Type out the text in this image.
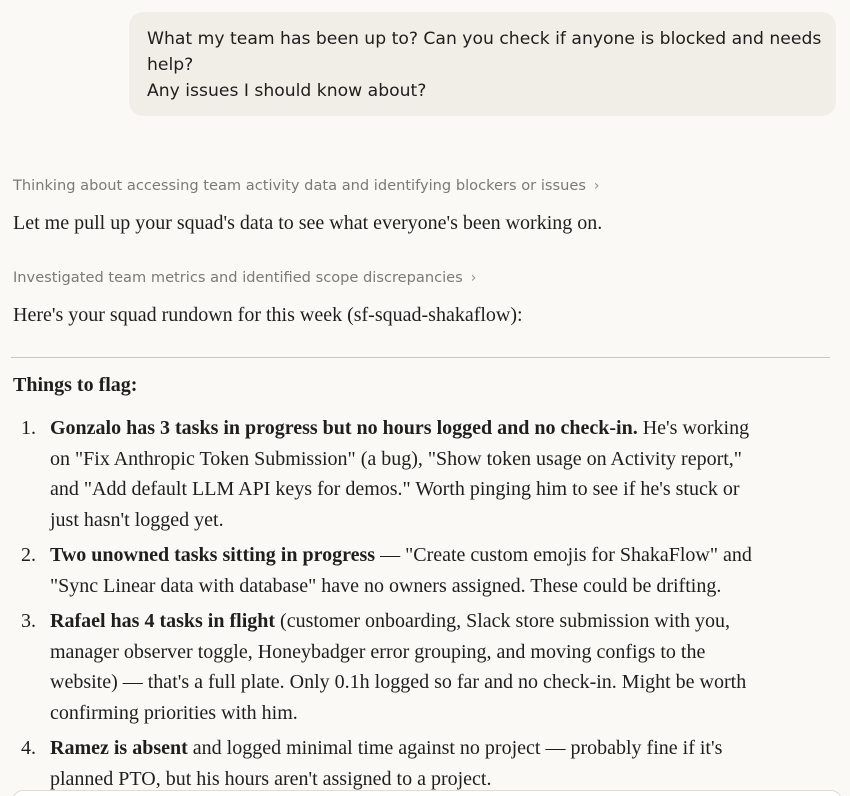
What my team has been up to? Can you check if anyone is blocked and needs
help?
Any issues I should know about?
Thinking about accessing team activity data and identifying blockers or issues ›
Let me pull up your squad's data to see what everyone's been working on.
Investigated team metrics and identified scope discrepancies ›
Here's your squad rundown for this week (sf-squad-shakaflow):
Things to flag:
1. Gonzalo has 3 tasks in progress but no hours logged and no check-in. He's working
on "Fix Anthropic Token Submission" (a bug), "Show token usage on Activity report,"
and "Add default LLM API keys for demos." Worth pinging him to see if he's stuck or
just hasn't logged yet.
2. Two unowned tasks sitting in progress — "Create custom emojis for ShakaFlow" and
"Sync Linear data with database" have no owners assigned. These could be drifting.
3. Rafael has 4 tasks in flight (customer onboarding, Slack store submission with you,
manager observer toggle, Honeybadger error grouping, and moving configs to the
website) — that's a full plate. Only 0.1h logged so far and no check-in. Might be worth
confirming priorities with him.
4. Ramez is absent and logged minimal time against no project — probably fine if it's
planned PTO, but his hours aren't assigned to a project.
